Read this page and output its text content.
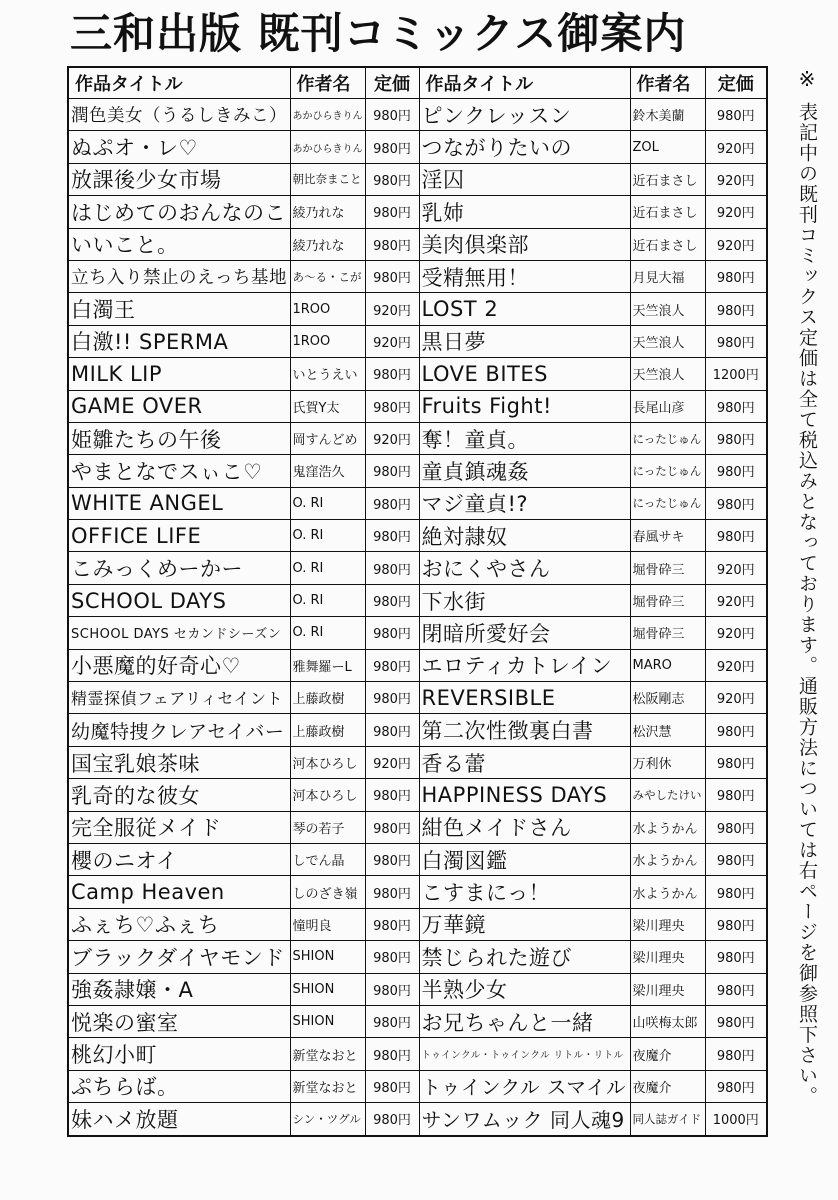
三和出版 既刊コミックス御案内
作品タイトル	作者名	定価	作品タイトル	作者名	定価
潤色美女（うるしきみこ）	あかひらきりん	980円	ピンクレッスン	鈴木美蘭	980円
ぬぷオ・レ♡	あかひらきりん	980円	つながりたいの	ZOL	920円
放課後少女市場	朝比奈まこと	980円	淫囚	近石まさし	920円
はじめてのおんなのこ	綾乃れな	980円	乳姉	近石まさし	920円
いいこと。	綾乃れな	980円	美肉倶楽部	近石まさし	920円
立ち入り禁止のえっち基地	あ〜る・こが	980円	受精無用！	月見大福	980円
白濁王	1ROO	920円	LOST 2	天竺浪人	980円
白激!! SPERMA	1ROO	920円	黒日夢	天竺浪人	980円
MILK LIP	いとうえい	980円	LOVE BITES	天竺浪人	1200円
GAME OVER	氏賀Y太	980円	Fruits Fight!	長尾山彦	980円
姫雛たちの午後	岡すんどめ	920円	奪！童貞。	にったじゅん	980円
やまとなでスぃこ♡	鬼窪浩久	980円	童貞鎮魂姦	にったじゅん	980円
WHITE ANGEL	O. RI	980円	マジ童貞!?	にったじゅん	980円
OFFICE LIFE	O. RI	980円	絶対隷奴	春風サキ	980円
こみっくめーかー	O. RI	980円	おにくやさん	堀骨砕三	920円
SCHOOL DAYS	O. RI	980円	下水街	堀骨砕三	920円
SCHOOL DAYS セカンドシーズン	O. RI	980円	閉暗所愛好会	堀骨砕三	920円
小悪魔的好奇心♡	雅舞羅ーL	980円	エロティカトレイン	MARO	920円
精霊探偵フェアリィセイント	上藤政樹	980円	REVERSIBLE	松阪剛志	920円
幼魔特捜クレアセイバー	上藤政樹	980円	第二次性徴裏白書	松沢慧	980円
国宝乳娘茶味	河本ひろし	920円	香る蕾	万利休	980円
乳奇的な彼女	河本ひろし	980円	HAPPINESS DAYS	みやしたけい	980円
完全服従メイド	琴の若子	980円	紺色メイドさん	水ようかん	980円
櫻のニオイ	しでん晶	980円	白濁図鑑	水ようかん	980円
Camp Heaven	しのざき嶺	980円	こすまにっ！	水ようかん	980円
ふぇち♡ふぇち	憧明良	980円	万華鏡	梁川理央	980円
ブラックダイヤモンド	SHION	980円	禁じられた遊び	梁川理央	980円
強姦隷嬢・A	SHION	980円	半熟少女	梁川理央	980円
悦楽の蜜室	SHION	980円	お兄ちゃんと一緒	山咲梅太郎	980円
桃幻小町	新堂なおと	980円	トゥインクル・トゥインクル リトル・リトル	夜魔介	980円
ぷちらば。	新堂なおと	980円	トゥインクル スマイル	夜魔介	980円
妹ハメ放題	シン・ツグル	980円	サンワムック 同人魂9	同人誌ガイド	1000円
※
表記中の既刊コミックス定価は全て税込みとなっております。通販方法については右ページを御参照下さい。
